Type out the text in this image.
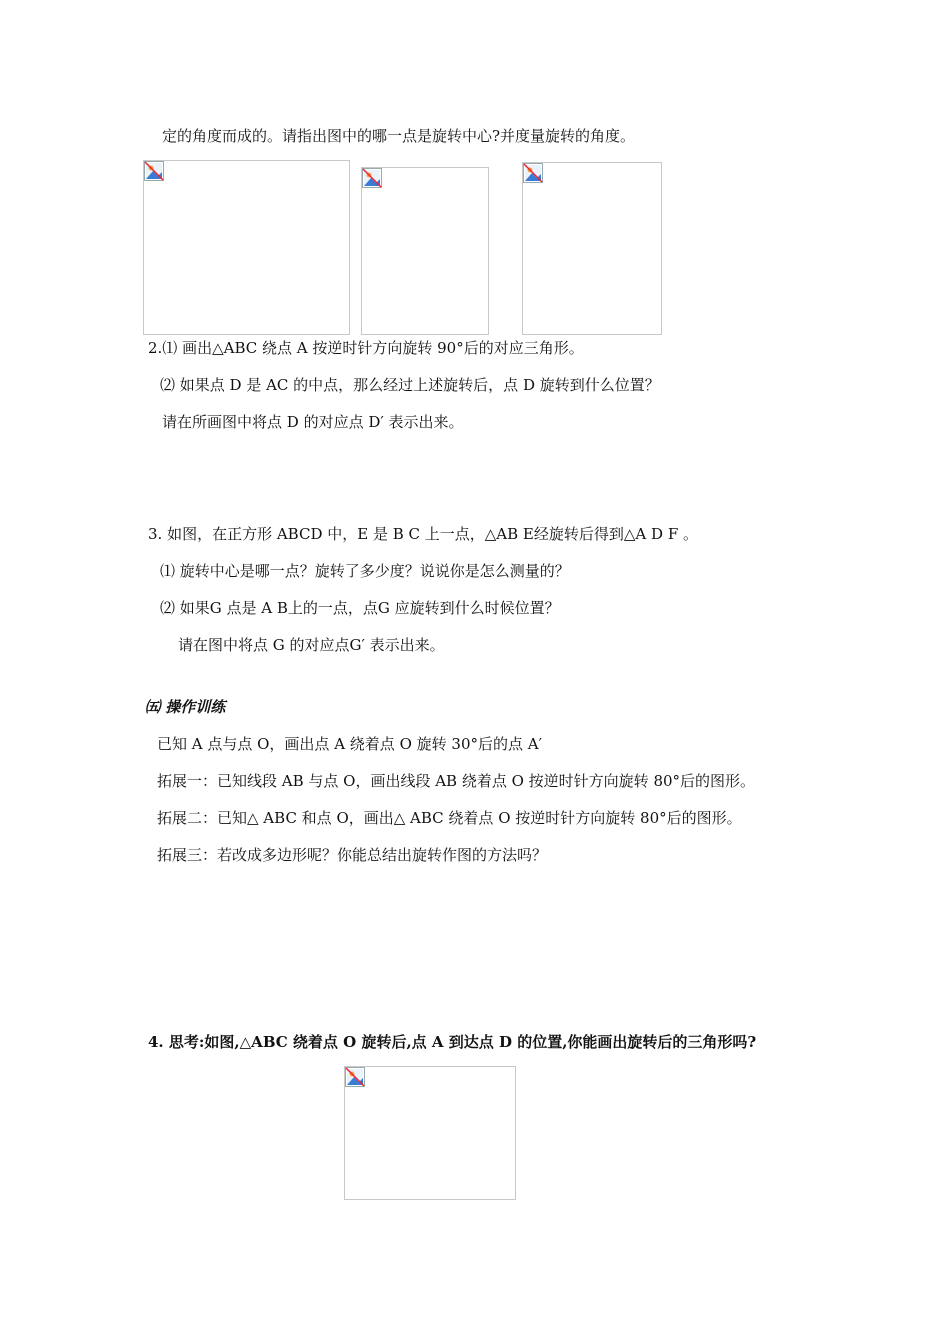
定的角度而成的。请指出图中的哪一点是旋转中心?并度量旋转的角度。
2.⑴ 画出△ABC 绕点 A 按逆时针方向旋转 90°后的对应三角形。
⑵ 如果点 D 是 AC 的中点，那么经过上述旋转后，点 D 旋转到什么位置？
请在所画图中将点 D 的对应点 D′ 表示出来。
3. 如图，在正方形 ABCD 中，E 是 B C 上一点，△AB E经旋转后得到△A D F 。
⑴ 旋转中心是哪一点？旋转了多少度？说说你是怎么测量的？
⑵ 如果G 点是 A B上的一点，点G 应旋转到什么时候位置？
请在图中将点 G 的对应点G′ 表示出来。
㈤ 操作训练
已知 A 点与点 O，画出点 A 绕着点 O 旋转 30°后的点 A′
拓展一：已知线段 AB 与点 O，画出线段 AB 绕着点 O 按逆时针方向旋转 80°后的图形。
拓展二：已知△ ABC 和点 O，画出△ ABC 绕着点 O 按逆时针方向旋转 80°后的图形。
拓展三：若改成多边形呢？你能总结出旋转作图的方法吗？
4. 思考:如图,△ABC 绕着点 O 旋转后,点 A 到达点 D 的位置,你能画出旋转后的三角形吗?
